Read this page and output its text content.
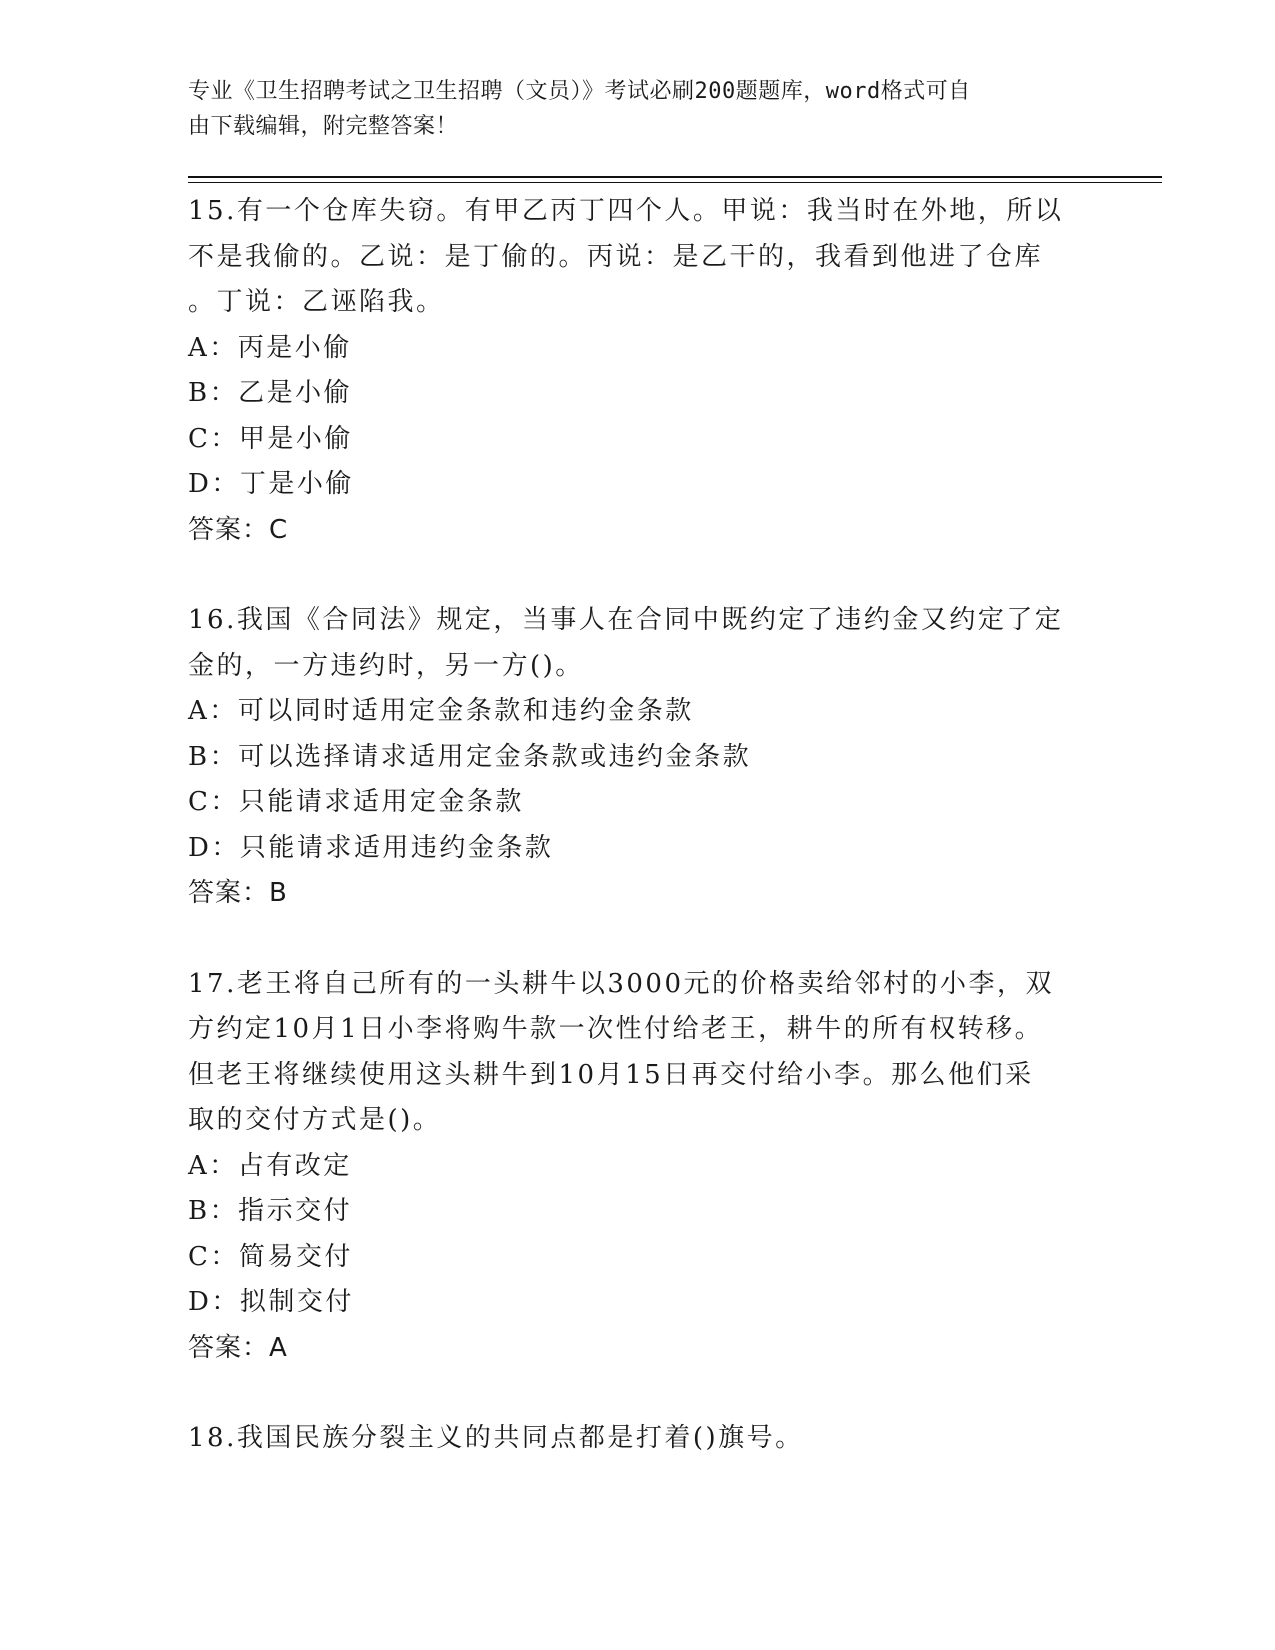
专业《卫生招聘考试之卫生招聘（文员）》考试必刷200题题库，word格式可自
由下载编辑，附完整答案！
15.有一个仓库失窃。有甲乙丙丁四个人。甲说：我当时在外地，所以
不是我偷的。乙说：是丁偷的。丙说：是乙干的，我看到他进了仓库
。丁说：乙诬陷我。
A：丙是小偷
B：乙是小偷
C：甲是小偷
D：丁是小偷
答案：C
16.我国《合同法》规定，当事人在合同中既约定了违约金又约定了定
金的，一方违约时，另一方()。
A：可以同时适用定金条款和违约金条款
B：可以选择请求适用定金条款或违约金条款
C：只能请求适用定金条款
D：只能请求适用违约金条款
答案：B
17.老王将自己所有的一头耕牛以3000元的价格卖给邻村的小李，双
方约定10月1日小李将购牛款一次性付给老王，耕牛的所有权转移。
但老王将继续使用这头耕牛到10月15日再交付给小李。那么他们采
取的交付方式是()。
A：占有改定
B：指示交付
C：简易交付
D：拟制交付
答案：A
18.我国民族分裂主义的共同点都是打着()旗号。
